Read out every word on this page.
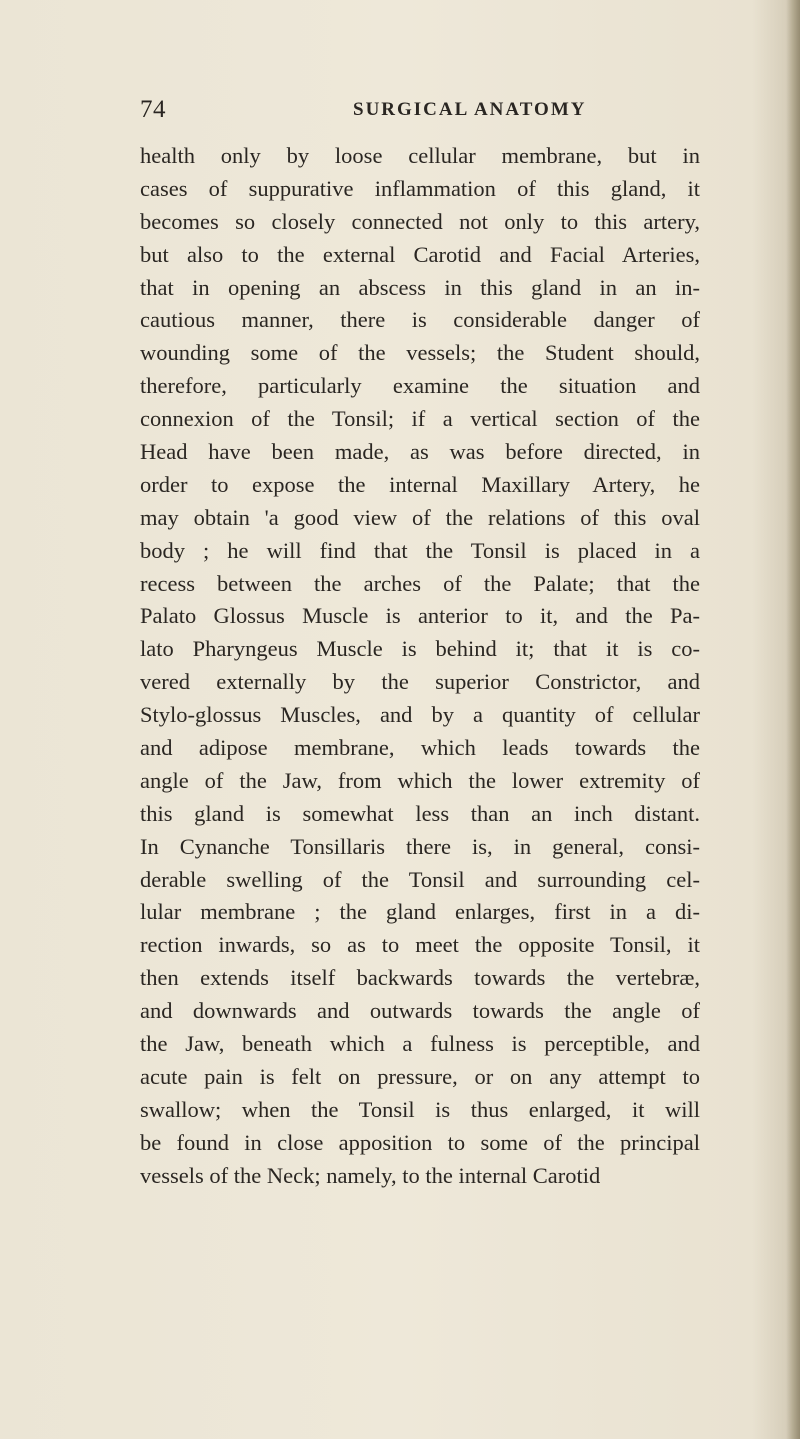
74	SURGICAL ANATOMY
health only by loose cellular membrane, but in
cases of suppurative inflammation of this gland, it
becomes so closely connected not only to this artery,
but also to the external Carotid and Facial Arteries,
that in opening an abscess in this gland in an in-
cautious manner, there is considerable danger of
wounding some of the vessels; the Student should,
therefore, particularly examine the situation and
connexion of the Tonsil; if a vertical section of the
Head have been made, as was before directed, in
order to expose the internal Maxillary Artery, he
may obtain 'a good view of the relations of this oval
body ; he will find that the Tonsil is placed in a
recess between the arches of the Palate; that the
Palato Glossus Muscle is anterior to it, and the Pa-
lato Pharyngeus Muscle is behind it; that it is co-
vered externally by the superior Constrictor, and
Stylo-glossus Muscles, and by a quantity of cellular
and adipose membrane, which leads towards the
angle of the Jaw, from which the lower extremity of
this gland is somewhat less than an inch distant.
In Cynanche Tonsillaris there is, in general, consi-
derable swelling of the Tonsil and surrounding cel-
lular membrane ; the gland enlarges, first in a di-
rection inwards, so as to meet the opposite Tonsil, it
then extends itself backwards towards the vertebræ,
and downwards and outwards towards the angle of
the Jaw, beneath which a fulness is perceptible, and
acute pain is felt on pressure, or on any attempt to
swallow; when the Tonsil is thus enlarged, it will
be found in close apposition to some of the principal
vessels of the Neck; namely, to the internal Carotid
